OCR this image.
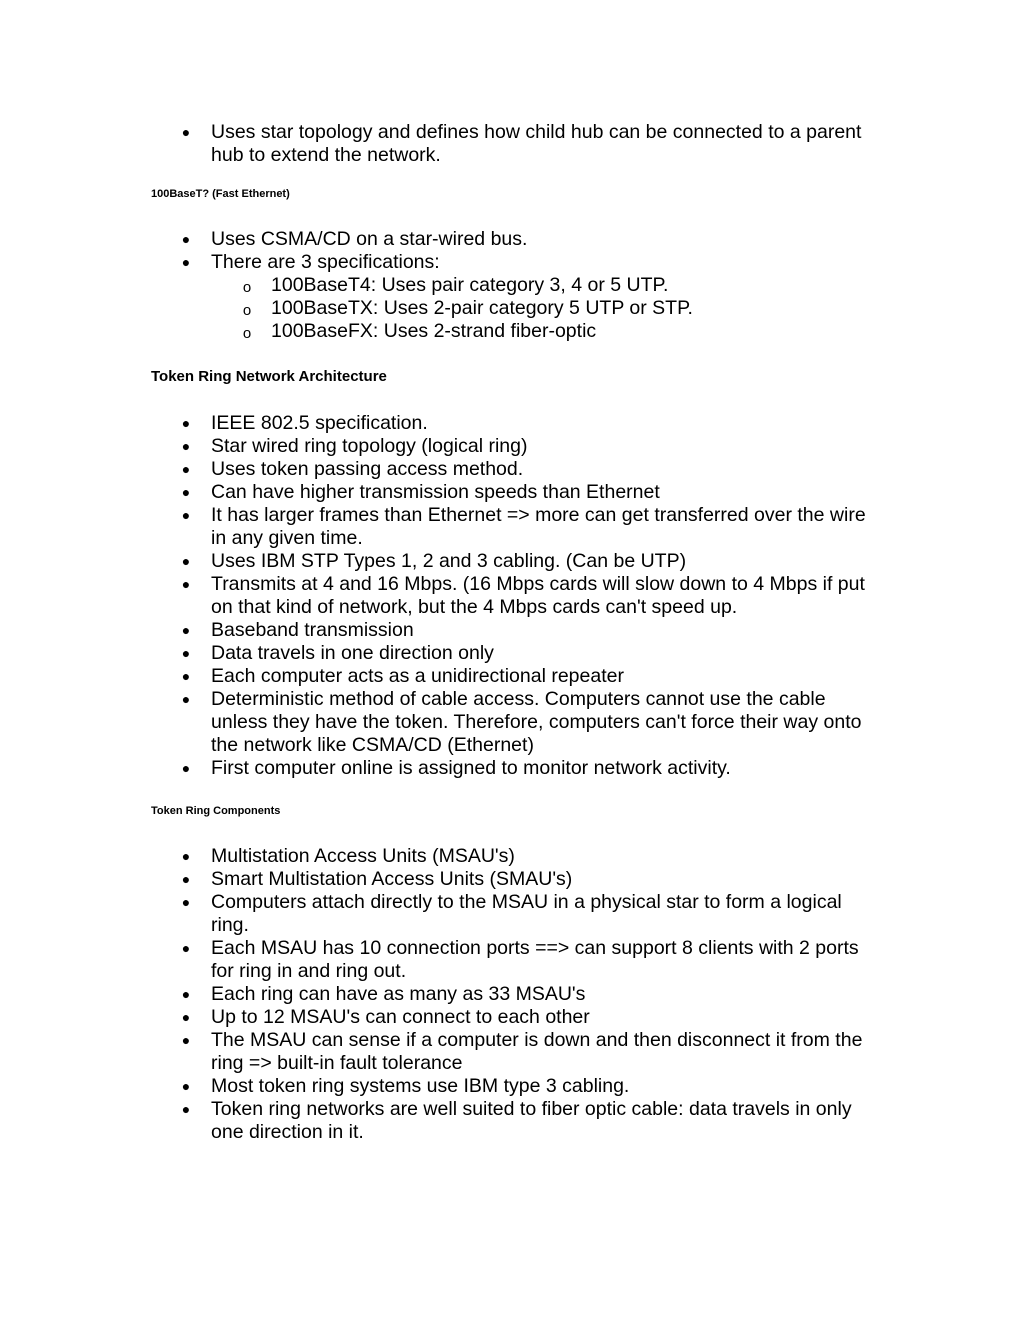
● Uses star topology and defines how child hub can be connected to a parent hub to extend the network.
100BaseT? (Fast Ethernet)
● Uses CSMA/CD on a star-wired bus.
● There are 3 specifications:
o 100BaseT4: Uses pair category 3, 4 or 5 UTP.
o 100BaseTX: Uses 2-pair category 5 UTP or STP.
o 100BaseFX: Uses 2-strand fiber-optic
Token Ring Network Architecture
● IEEE 802.5 specification.
● Star wired ring topology (logical ring)
● Uses token passing access method.
● Can have higher transmission speeds than Ethernet
● It has larger frames than Ethernet => more can get transferred over the wire in any given time.
● Uses IBM STP Types 1, 2 and 3 cabling. (Can be UTP)
● Transmits at 4 and 16 Mbps. (16 Mbps cards will slow down to 4 Mbps if put on that kind of network, but the 4 Mbps cards can't speed up.
● Baseband transmission
● Data travels in one direction only
● Each computer acts as a unidirectional repeater
● Deterministic method of cable access. Computers cannot use the cable unless they have the token. Therefore, computers can't force their way onto the network like CSMA/CD (Ethernet)
● First computer online is assigned to monitor network activity.
Token Ring Components
● Multistation Access Units (MSAU's)
● Smart Multistation Access Units (SMAU's)
● Computers attach directly to the MSAU in a physical star to form a logical ring.
● Each MSAU has 10 connection ports ==> can support 8 clients with 2 ports for ring in and ring out.
● Each ring can have as many as 33 MSAU's
● Up to 12 MSAU's can connect to each other
● The MSAU can sense if a computer is down and then disconnect it from the ring => built-in fault tolerance
● Most token ring systems use IBM type 3 cabling.
● Token ring networks are well suited to fiber optic cable: data travels in only one direction in it.
